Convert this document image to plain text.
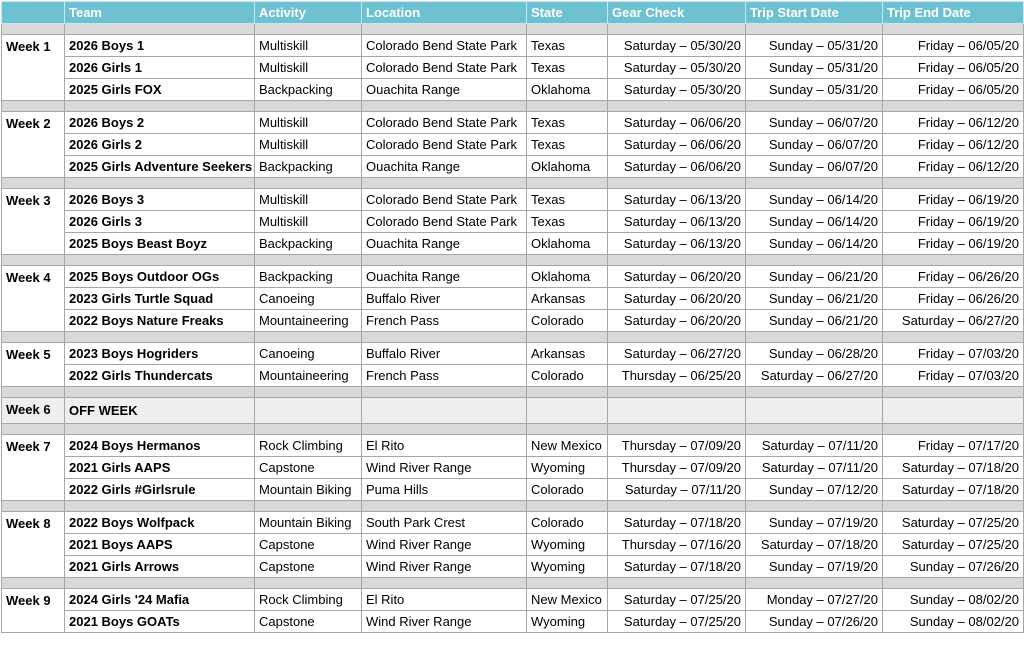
	Team	Activity	Location	State	Gear Check	Trip Start Date	Trip End Date

Week 1	2026 Boys 1	Multiskill	Colorado Bend State Park	Texas	Saturday – 05/30/20	Sunday – 05/31/20	Friday – 06/05/20
	2026 Girls 1	Multiskill	Colorado Bend State Park	Texas	Saturday – 05/30/20	Sunday – 05/31/20	Friday – 06/05/20
	2025 Girls FOX	Backpacking	Ouachita Range	Oklahoma	Saturday – 05/30/20	Sunday – 05/31/20	Friday – 06/05/20

Week 2	2026 Boys 2	Multiskill	Colorado Bend State Park	Texas	Saturday – 06/06/20	Sunday – 06/07/20	Friday – 06/12/20
	2026 Girls 2	Multiskill	Colorado Bend State Park	Texas	Saturday – 06/06/20	Sunday – 06/07/20	Friday – 06/12/20
	2025 Girls Adventure Seekers	Backpacking	Ouachita Range	Oklahoma	Saturday – 06/06/20	Sunday – 06/07/20	Friday – 06/12/20

Week 3	2026 Boys 3	Multiskill	Colorado Bend State Park	Texas	Saturday – 06/13/20	Sunday – 06/14/20	Friday – 06/19/20
	2026 Girls 3	Multiskill	Colorado Bend State Park	Texas	Saturday – 06/13/20	Sunday – 06/14/20	Friday – 06/19/20
	2025 Boys Beast Boyz	Backpacking	Ouachita Range	Oklahoma	Saturday – 06/13/20	Sunday – 06/14/20	Friday – 06/19/20

Week 4	2025 Boys Outdoor OGs	Backpacking	Ouachita Range	Oklahoma	Saturday – 06/20/20	Sunday – 06/21/20	Friday – 06/26/20
	2023 Girls Turtle Squad	Canoeing	Buffalo River	Arkansas	Saturday – 06/20/20	Sunday – 06/21/20	Friday – 06/26/20
	2022 Boys Nature Freaks	Mountaineering	French Pass	Colorado	Saturday – 06/20/20	Sunday – 06/21/20	Saturday – 06/27/20

Week 5	2023 Boys Hogriders	Canoeing	Buffalo River	Arkansas	Saturday – 06/27/20	Sunday – 06/28/20	Friday – 07/03/20
	2022 Girls Thundercats	Mountaineering	French Pass	Colorado	Thursday – 06/25/20	Saturday – 06/27/20	Friday – 07/03/20

Week 6	OFF WEEK						

Week 7	2024 Boys Hermanos	Rock Climbing	El Rito	New Mexico	Thursday – 07/09/20	Saturday – 07/11/20	Friday – 07/17/20
	2021 Girls AAPS	Capstone	Wind River Range	Wyoming	Thursday – 07/09/20	Saturday – 07/11/20	Saturday – 07/18/20
	2022 Girls #Girlsrule	Mountain Biking	Puma Hills	Colorado	Saturday – 07/11/20	Sunday – 07/12/20	Saturday – 07/18/20

Week 8	2022 Boys Wolfpack	Mountain Biking	South Park Crest	Colorado	Saturday – 07/18/20	Sunday – 07/19/20	Saturday – 07/25/20
	2021 Boys AAPS	Capstone	Wind River Range	Wyoming	Thursday – 07/16/20	Saturday – 07/18/20	Saturday – 07/25/20
	2021 Girls Arrows	Capstone	Wind River Range	Wyoming	Saturday – 07/18/20	Sunday – 07/19/20	Sunday – 07/26/20

Week 9	2024 Girls '24 Mafia	Rock Climbing	El Rito	New Mexico	Saturday – 07/25/20	Monday – 07/27/20	Sunday – 08/02/20
	2021 Boys GOATs	Capstone	Wind River Range	Wyoming	Saturday – 07/25/20	Sunday – 07/26/20	Sunday – 08/02/20
